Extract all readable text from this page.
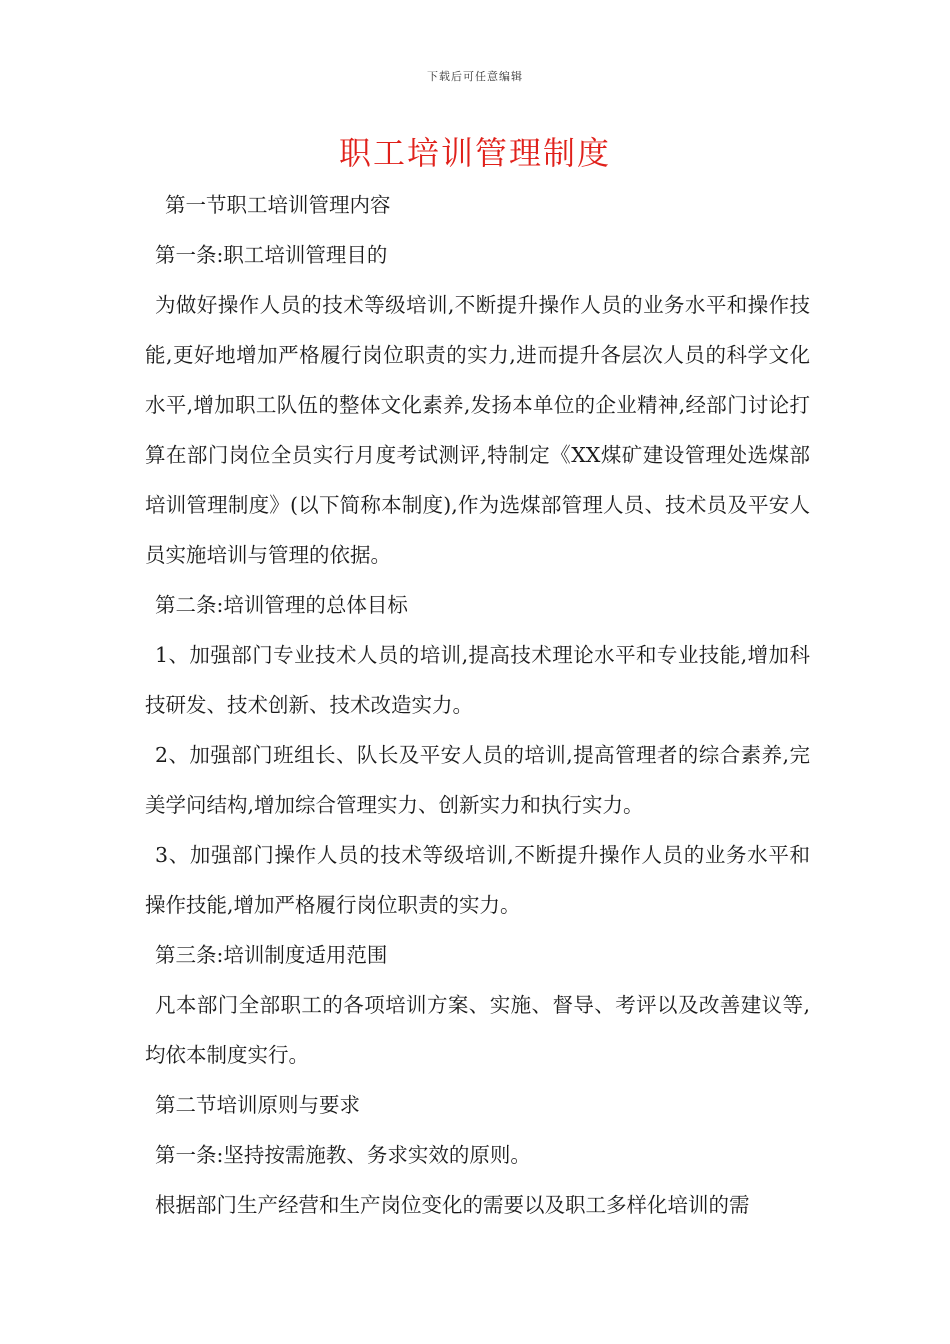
下载后可任意编辑
职工培训管理制度

第一节职工培训管理内容

第一条:职工培训管理目的

为做好操作人员的技术等级培训,不断提升操作人员的业务水平和操作技能,更好地增加严格履行岗位职责的实力,进而提升各层次人员的科学文化水平,增加职工队伍的整体文化素养,发扬本单位的企业精神,经部门讨论打算在部门岗位全员实行月度考试测评,特制定《XX煤矿建设管理处选煤部培训管理制度》(以下简称本制度),作为选煤部管理人员、技术员及平安人员实施培训与管理的依据。

第二条:培训管理的总体目标

1、加强部门专业技术人员的培训,提高技术理论水平和专业技能,增加科技研发、技术创新、技术改造实力。

2、加强部门班组长、队长及平安人员的培训,提高管理者的综合素养,完美学问结构,增加综合管理实力、创新实力和执行实力。

3、加强部门操作人员的技术等级培训,不断提升操作人员的业务水平和操作技能,增加严格履行岗位职责的实力。

第三条:培训制度适用范围

凡本部门全部职工的各项培训方案、实施、督导、考评以及改善建议等,均依本制度实行。

第二节培训原则与要求

第一条:坚持按需施教、务求实效的原则。

根据部门生产经营和生产岗位变化的需要以及职工多样化培训的需
